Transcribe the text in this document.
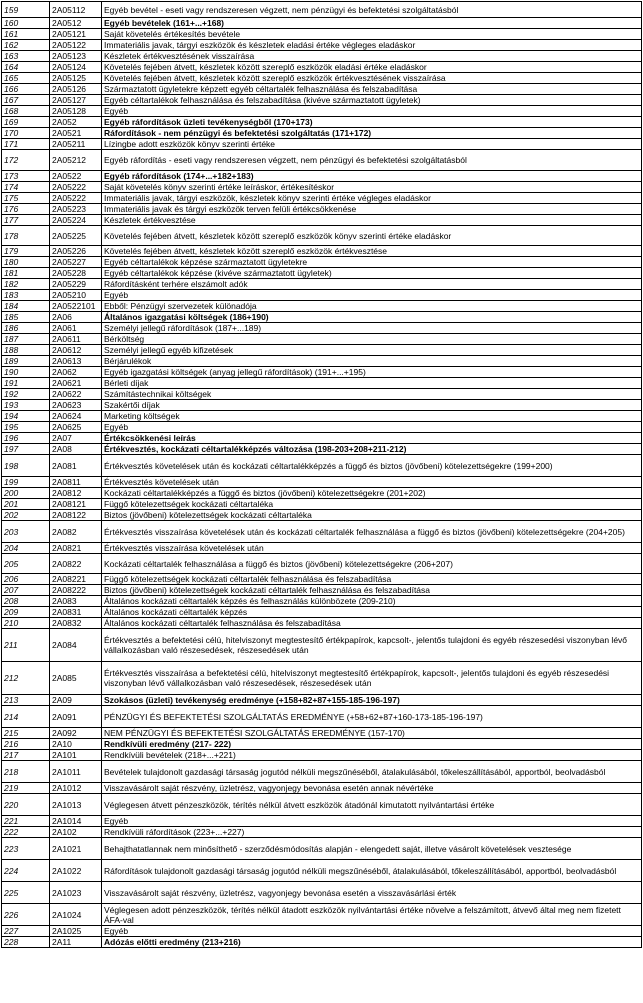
159	2A05112	Egyéb bevétel - eseti vagy rendszeresen végzett, nem pénzügyi és befektetési szolgáltatásból

160	2A0512	Egyéb bevételek (161+...+168)

161	2A05121	Saját követelés értékesítés bevétele

162	2A05122	Immateriális javak, tárgyi eszközök és készletek eladási értéke végleges eladáskor

163	2A05123	Készletek értékvesztésének visszaírása

164	2A05124	Követelés fejében átvett, készletek között szereplő eszközök eladási értéke eladáskor

165	2A05125	Követelés fejében átvett, készletek között szereplő eszközök értékvesztésének visszaírása

166	2A05126	Származtatott ügyletekre képzett egyéb céltartalék felhasználása és felszabadítása

167	2A05127	Egyéb céltartalékok felhasználása és felszabadítása (kivéve származtatott ügyletek)

168	2A05128	Egyéb

169	2A052	Egyéb ráfordítások üzleti tevékenységből (170+173)

170	2A0521	Ráfordítások - nem pénzügyi és befektetési szolgáltatás (171+172)

171	2A05211	Lízingbe adott eszközök könyv szerinti értéke

172	2A05212	Egyéb ráfordítás - eseti vagy rendszeresen végzett, nem pénzügyi és befektetési szolgáltatásból

173	2A0522	Egyéb ráfordítások (174+...+182+183)

174	2A05222	Saját követelés könyv szerinti értéke leíráskor, értékesítéskor

175	2A05222	Immateriális javak, tárgyi eszközök, készletek könyv szerinti értéke végleges eladáskor

176	2A05223	Immateriális javak és tárgyi eszközök terven felüli értékcsökkenése

177	2A05224	Készletek értékvesztése

178	2A05225	Követelés fejében átvett, készletek között szereplő eszközök könyv szerinti értéke eladáskor

179	2A05226	Követelés fejében átvett, készletek között szereplő eszközök értékvesztése

180	2A05227	Egyéb céltartalékok képzése származtatott ügyletekre

181	2A05228	Egyéb céltartalékok képzése (kivéve származtatott ügyletek)

182	2A05229	Ráfordításként terhére elszámolt adók

183	2A05210	Egyéb

184	2A0522101	Ebből: Pénzügyi szervezetek különadója

185	2A06	Általános igazgatási költségek (186+190)

186	2A061	Személyi jellegű ráfordítások (187+...189)

187	2A0611	Bérköltség

188	2A0612	Személyi jellegű egyéb kifizetések

189	2A0613	Bérjárulékok

190	2A062	Egyéb igazgatási költségek (anyag jellegű ráfordítások) (191+...+195)

191	2A0621	Bérleti díjak

192	2A0622	Számítástechnikai költségek

193	2A0623	Szakértői díjak

194	2A0624	Marketing költségek

195	2A0625	Egyéb

196	2A07	Értékcsökkenési leírás

197	2A08	Értékvesztés, kockázati céltartalékképzés változása (198-203+208+211-212)

198	2A081	Értékvesztés követelések után és kockázati céltartalékképzés a függő és biztos (jövőbeni) kötelezettségekre (199+200)

199	2A0811	Értékvesztés követelések után

200	2A0812	Kockázati céltartalékképzés a függő és biztos (jövőbeni) kötelezettségekre (201+202)

201	2A08121	Függő kötelezettségek kockázati céltartaléka

202	2A08122	Biztos (jövőbeni) kötelezettségek kockázati céltartaléka

203	2A082	Értékvesztés visszaírása követelések után és kockázati céltartalék felhasználása a függő és biztos (jövőbeni) kötelezettségekre (204+205)

204	2A0821	Értékvesztés visszaírása követelések után

205	2A0822	Kockázati céltartalék felhasználása a függő és biztos (jövőbeni) kötelezettségekre (206+207)

206	2A08221	Függő kötelezettségek kockázati céltartalék felhasználása és felszabadítása

207	2A08222	Biztos (jövőbeni) kötelezettségek kockázati céltartalék felhasználása és felszabadítása

208	2A083	Általános kockázati céltartalék képzés és felhasználás különbözete (209-210)

209	2A0831	Általános kockázati céltartalék képzés

210	2A0832	Általános kockázati céltartalék felhasználása és felszabadítása

211	2A084	Értékvesztés a befektetési célú, hitelviszonyt megtestesítő értékpapírok, kapcsolt-, jelentős tulajdoni és egyéb részesedési viszonyban lévő vállalkozásban való részesedések, részesedések után

212	2A085	Értékvesztés visszaírása a befektetési célú, hitelviszonyt megtestesítő értékpapírok, kapcsolt-, jelentős tulajdoni és egyéb részesedési viszonyban lévő vállalkozásban való részesedések, részesedések után

213	2A09	Szokásos (üzleti) tevékenység eredménye (+158+82+87+155-185-196-197)

214	2A091	PÉNZÜGYI ÉS BEFEKTETÉSI SZOLGÁLTATÁS EREDMÉNYE (+58+62+87+160-173-185-196-197)

215	2A092	NEM PÉNZÜGYI ÉS BEFEKTETÉSI SZOLGÁLTATÁS EREDMÉNYE (157-170)

216	2A10	Rendkívüli eredmény (217- 222)

217	2A101	Rendkívüli bevételek (218+...+221)

218	2A1011	Bevételek tulajdonolt gazdasági társaság jogutód nélküli megszűnéséből, átalakulásából, tőkeleszállításából, apportból, beolvadásból

219	2A1012	Visszavásárolt saját részvény, üzletrész, vagyonjegy bevonása esetén annak névértéke

220	2A1013	Véglegesen átvett pénzeszközök, térítés nélkül átvett eszközök átadónál kimutatott nyilvántartási értéke

221	2A1014	Egyéb

222	2A102	Rendkívüli ráfordítások (223+...+227)

223	2A1021	Behajthatatlannak nem minősíthető - szerződésmódosítás alapján - elengedett saját, illetve vásárolt követelések vesztesége

224	2A1022	Ráfordítások tulajdonolt gazdasági társaság jogutód nélküli megszűnéséből, átalakulásából, tőkeleszállításából, apportból, beolvadásból

225	2A1023	Visszavásárolt saját részvény, üzletrész, vagyonjegy bevonása esetén a visszavásárlási érték

226	2A1024	Véglegesen adott pénzeszközök, térítés nélkül átadott eszközök nyilvántartási értéke növelve a felszámított, átvevő által meg nem fizetett ÁFA-val

227	2A1025	Egyéb

228	2A11	Adózás előtti eredmény (213+216)
